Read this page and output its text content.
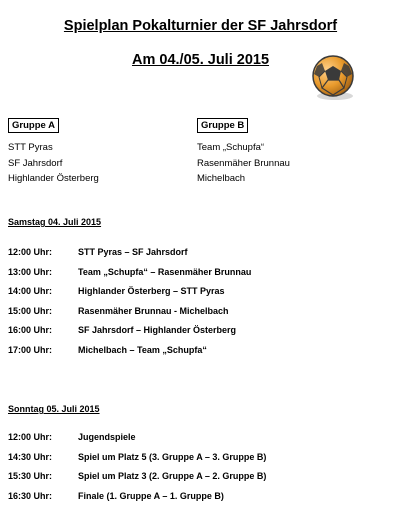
Spielplan Pokalturnier der SF Jahrsdorf
Am 04./05. Juli 2015
Gruppe A
STT Pyras
SF Jahrsdorf
Highlander Österberg
Gruppe B
Team „Schupfa“
Rasenmäher Brunnau
Michelbach
Samstag 04. Juli 2015
12:00 Uhr:	STT Pyras – SF Jahrsdorf
13:00 Uhr:	Team „Schupfa“ – Rasenmäher Brunnau
14:00 Uhr:	Highlander Österberg – STT Pyras
15:00 Uhr:	Rasenmäher Brunnau - Michelbach
16:00 Uhr:	SF Jahrsdorf – Highlander Österberg
17:00 Uhr:	Michelbach – Team „Schupfa“
Sonntag 05. Juli 2015
12:00 Uhr:	Jugendspiele
14:30 Uhr:	Spiel um Platz 5 (3. Gruppe A – 3. Gruppe B)
15:30 Uhr:	Spiel um Platz 3 (2. Gruppe A – 2. Gruppe B)
16:30 Uhr:	Finale (1. Gruppe A – 1. Gruppe B)
